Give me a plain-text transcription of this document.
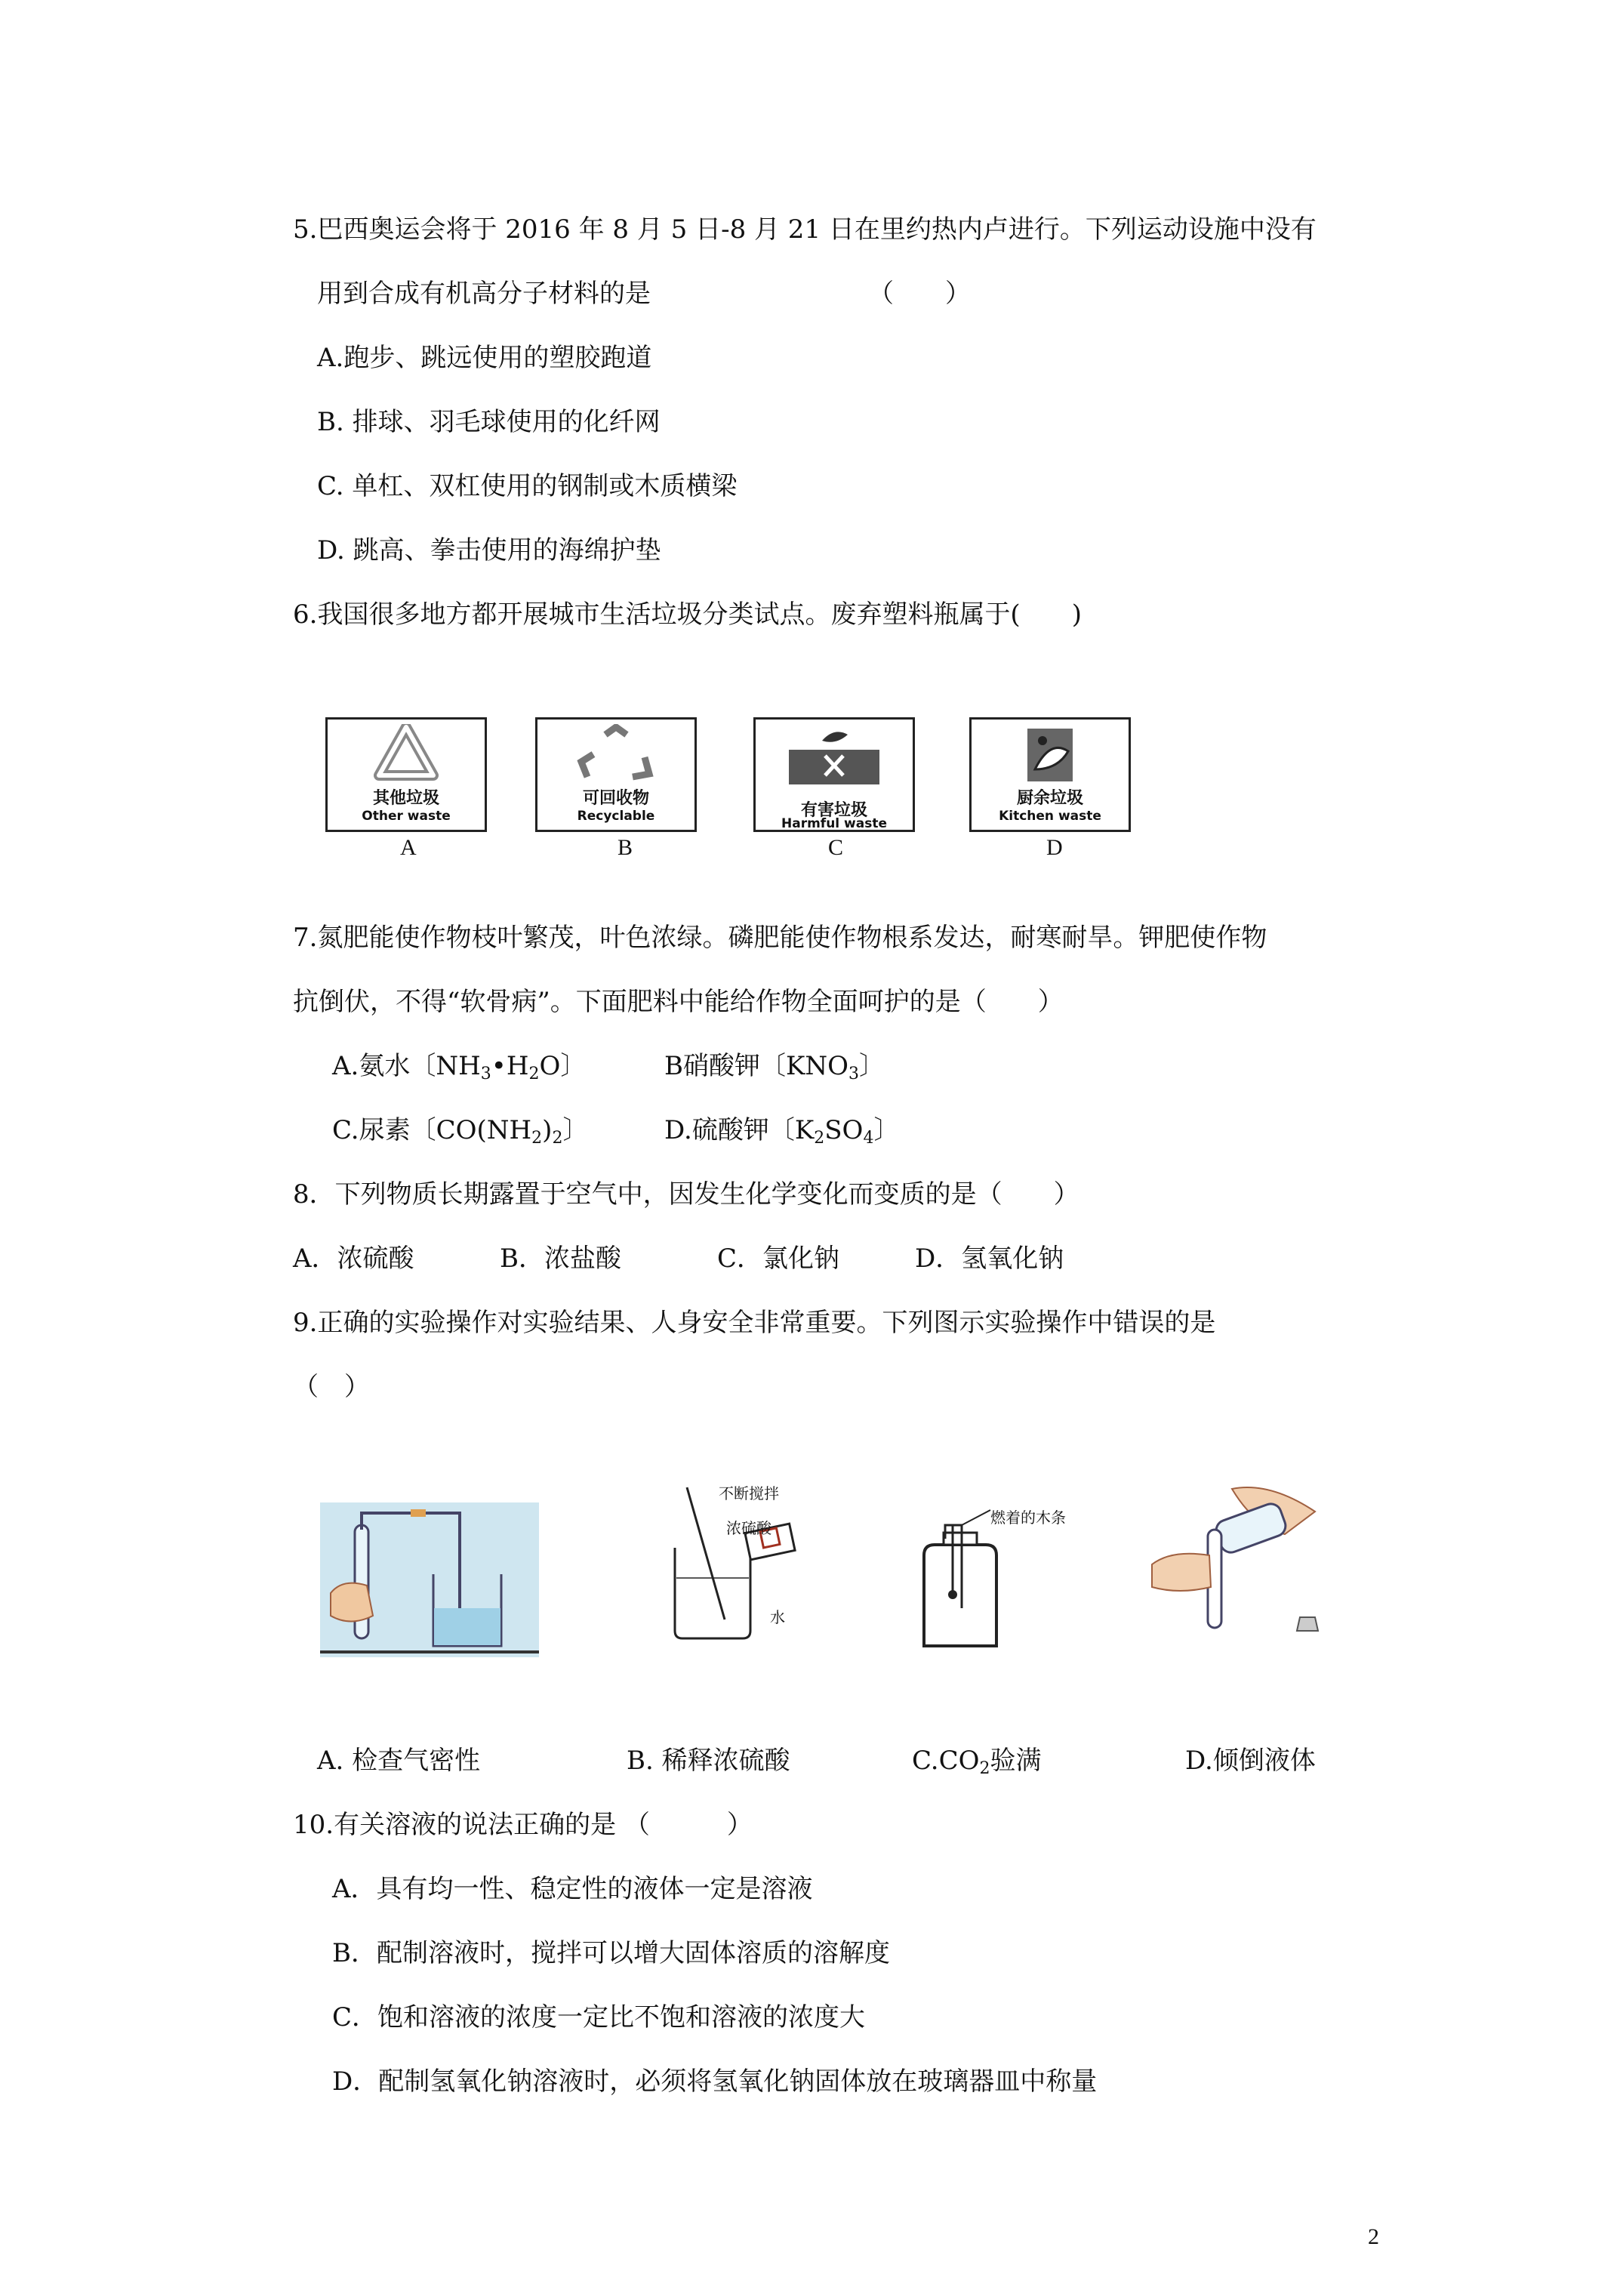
5.巴西奥运会将于 2016 年 8 月 5 日-8 月 21 日在里约热内卢进行。下列运动设施中没有
用到合成有机高分子材料的是	（　　）
A.跑步、跳远使用的塑胶跑道
B. 排球、羽毛球使用的化纤网
C. 单杠、双杠使用的钢制或木质横梁
D. 跳高、拳击使用的海绵护垫
6.我国很多地方都开展城市生活垃圾分类试点。废弃塑料瓶属于(　　)
其他垃圾
Other waste
可回收物
Recyclable	有害垃圾
Harmful waste
厨余垃圾
Kitchen waste
A	B	C	D
7.氮肥能使作物枝叶繁茂，叶色浓绿。磷肥能使作物根系发达，耐寒耐旱。钾肥使作物
抗倒伏，不得“软骨病”。下面肥料中能给作物全面呵护的是（　　）
A.氨水〔$NH_3•H_2O$〕	B硝酸钾〔$KNO_3$〕
C.尿素〔$CO(NH_2)_2$〕	D.硫酸钾〔$K_2SO_4$〕
8．下列物质长期露置于空气中，因发生化学变化而变质的是（　　）
A．浓硫酸	B．浓盐酸	C．氯化钠	D．氢氧化钠
9.正确的实验操作对实验结果、人身安全非常重要。下列图示实验操作中错误的是
（　）
不断搅拌
浓硫酸
水
燃着的木条
A. 检查气密性	B. 稀释浓硫酸	$C.CO_2$验满	D.倾倒液体
10.有关溶液的说法正确的是 （　　　）
A．具有均一性、稳定性的液体一定是溶液
B．配制溶液时，搅拌可以增大固体溶质的溶解度
C．饱和溶液的浓度一定比不饱和溶液的浓度大
D．配制氢氧化钠溶液时，必须将氢氧化钠固体放在玻璃器皿中称量
2
